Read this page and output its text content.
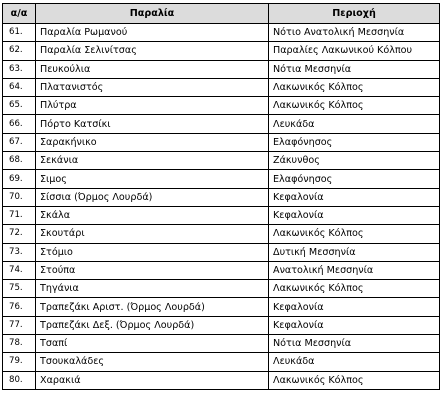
α/α	Παραλία	Περιοχή
61.	Παραλία Ρωμανού	Νότιο Ανατολική Μεσσηνία
62.	Παραλία Σελινίτσας	Παραλίες Λακωνικού Κόλπου
63.	Πευκούλια	Νότια Μεσσηνία
64.	Πλατανιστός	Λακωνικός Κόλπος
65.	Πλύτρα	Λακωνικός Κόλπος
66.	Πόρτο Κατσίκι	Λευκάδα
67.	Σαρακήνικο	Ελαφόνησος
68.	Σεκάνια	Ζάκυνθος
69.	Σιμος	Ελαφόνησος
70.	Σίσσια (Όρμος Λουρδά)	Κεφαλονία
71.	Σκάλα	Κεφαλονία
72.	Σκουτάρι	Λακωνικός Κόλπος
73.	Στόμιο	Δυτική Μεσσηνία
74.	Στούπα	Ανατολική Μεσσηνία
75.	Τηγάνια	Λακωνικός Κόλπος
76.	Τραπεζάκι Αριστ. (Όρμος Λουρδά)	Κεφαλονία
77.	Τραπεζάκι Δεξ. (Όρμος Λουρδά)	Κεφαλονία
78.	Τσαπί	Νότια Μεσσηνία
79.	Τσουκαλάδες	Λευκάδα
80.	Χαρακιά	Λακωνικός Κόλπος
